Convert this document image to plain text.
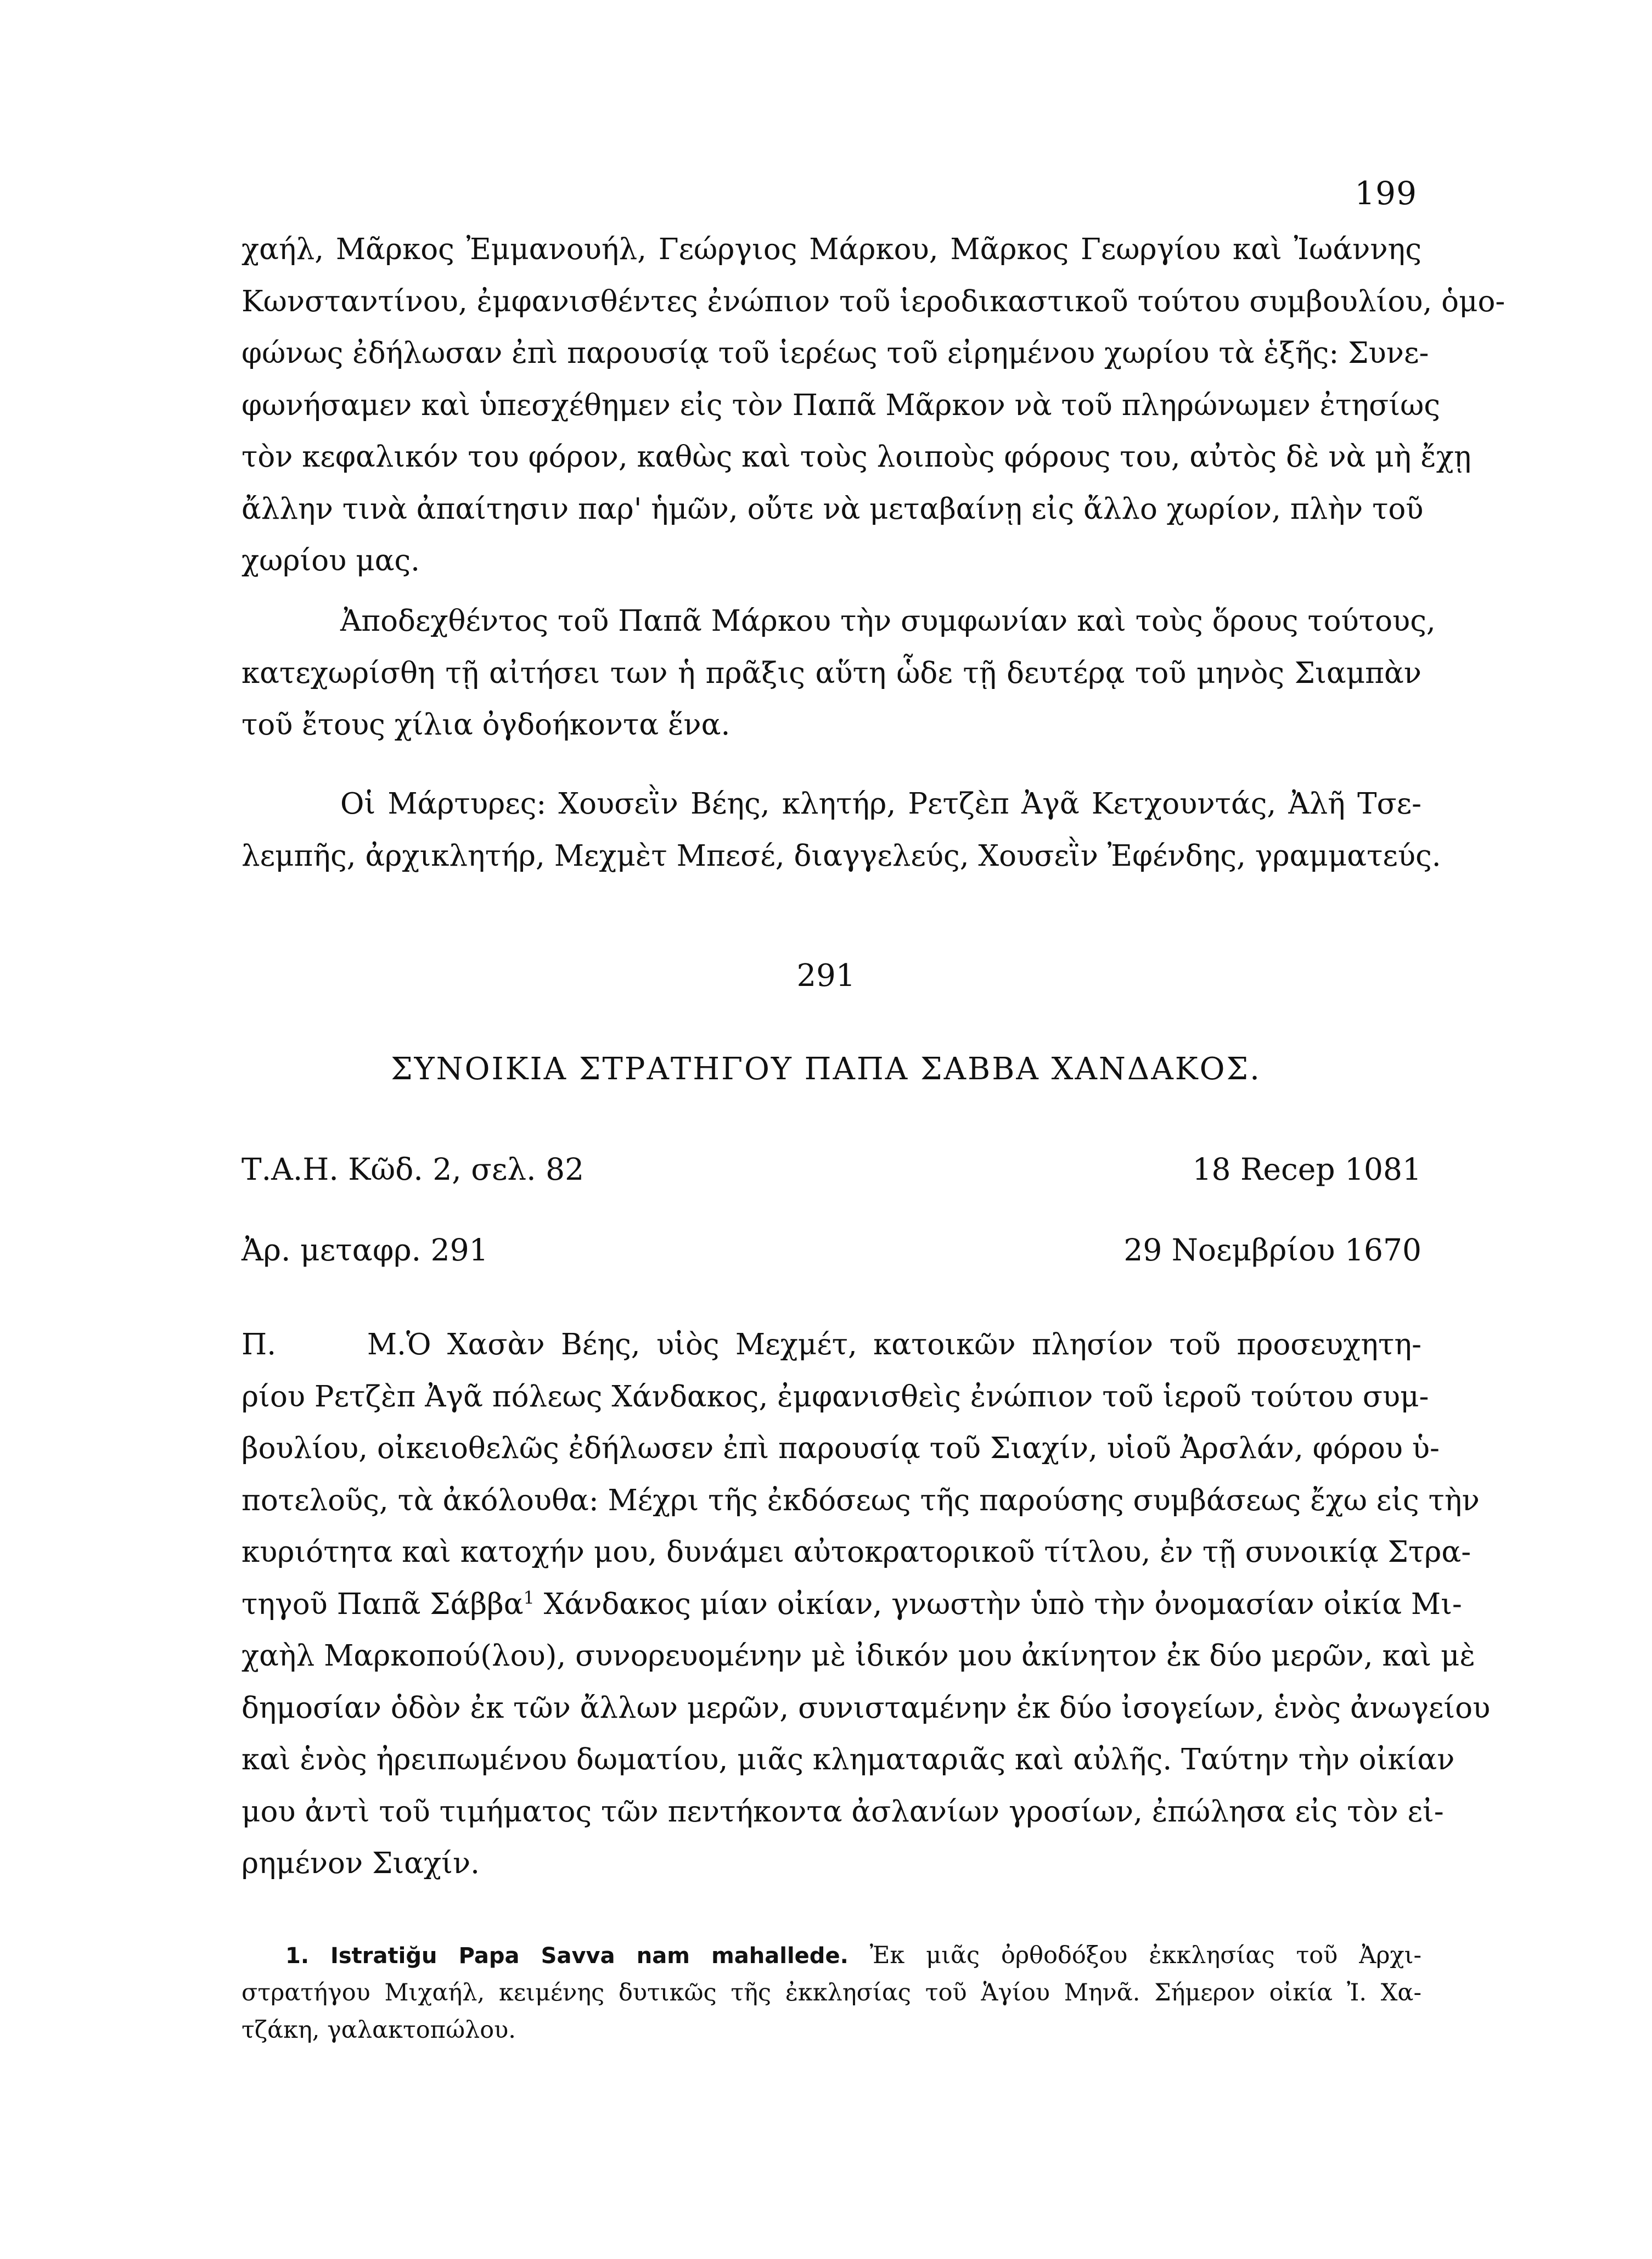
199
χαήλ, Μᾶρκος Ἐμμανουήλ, Γεώργιος Μάρκου, Μᾶρκος Γεωργίου καὶ Ἰωάννης
Κωνσταντίνου, ἐμφανισθέντες ἐνώπιον τοῦ ἱεροδικαστικοῦ τούτου συμβουλίου, ὁμο-
φώνως ἐδήλωσαν ἐπὶ παρουσίᾳ τοῦ ἱερέως τοῦ εἰρημένου χωρίου τὰ ἑξῆς: Συνε-
φωνήσαμεν καὶ ὑπεσχέθημεν εἰς τὸν Παπᾶ Μᾶρκον νὰ τοῦ πληρώνωμεν ἐτησίως
τὸν κεφαλικόν του φόρον, καθὼς καὶ τοὺς λοιποὺς φόρους του, αὐτὸς δὲ νὰ μὴ ἔχῃ
ἄλλην τινὰ ἀπαίτησιν παρ' ἡμῶν, οὔτε νὰ μεταβαίνῃ εἰς ἄλλο χωρίον, πλὴν τοῦ
χωρίου μας.
Ἀποδεχθέντος τοῦ Παπᾶ Μάρκου τὴν συμφωνίαν καὶ τοὺς ὅρους τούτους,
κατεχωρίσθη τῇ αἰτήσει των ἡ πρᾶξις αὕτη ὧδε τῇ δευτέρᾳ τοῦ μηνὸς Σιαμπὰν
τοῦ ἔτους χίλια ὀγδοήκοντα ἕνα.
Οἱ Μάρτυρες: Χουσεῒν Βέης, κλητήρ, Ρετζὲπ Ἀγᾶ Κετχουντάς, Ἀλῆ Τσε-
λεμπῆς, ἀρχικλητήρ, Μεχμὲτ Μπεσέ, διαγγελεύς, Χουσεῒν Ἐφένδης, γραμματεύς.
291
ΣΥΝΟΙΚΙΑ ΣΤΡΑΤΗΓΟΥ ΠΑΠΑ ΣΑΒΒΑ ΧΑΝΔΑΚΟΣ.
Τ.Α.Η. Κῶδ. 2, σελ. 82	18 Recep 1081
Ἀρ. μεταφρ. 291	29 Νοεμβρίου 1670
Π. Μ.Ὁ Χασὰν Βέης, υἱὸς Μεχμέτ, κατοικῶν πλησίον τοῦ προσευχητη-
ρίου Ρετζὲπ Ἀγᾶ πόλεως Χάνδακος, ἐμφανισθεὶς ἐνώπιον τοῦ ἱεροῦ τούτου συμ-
βουλίου, οἰκειοθελῶς ἐδήλωσεν ἐπὶ παρουσίᾳ τοῦ Σιαχίν, υἱοῦ Ἀρσλάν, φόρου ὑ-
ποτελοῦς, τὰ ἀκόλουθα: Μέχρι τῆς ἐκδόσεως τῆς παρούσης συμβάσεως ἔχω εἰς τὴν
κυριότητα καὶ κατοχήν μου, δυνάμει αὐτοκρατορικοῦ τίτλου, ἐν τῇ συνοικίᾳ Στρα-
τηγοῦ Παπᾶ Σάββα$^1$ Χάνδακος μίαν οἰκίαν, γνωστὴν ὑπὸ τὴν ὀνομασίαν οἰκία Μι-
χαὴλ Μαρκοπού(λου), συνορευομένην μὲ ἰδικόν μου ἀκίνητον ἐκ δύο μερῶν, καὶ μὲ
δημοσίαν ὁδὸν ἐκ τῶν ἄλλων μερῶν, συνισταμένην ἐκ δύο ἰσογείων, ἑνὸς ἀνωγείου
καὶ ἑνὸς ἠρειπωμένου δωματίου, μιᾶς κληματαριᾶς καὶ αὐλῆς. Ταύτην τὴν οἰκίαν
μου ἀντὶ τοῦ τιμήματος τῶν πεντήκοντα ἀσλανίων γροσίων, ἐπώλησα εἰς τὸν εἰ-
ρημένον Σιαχίν.
1. Istratiğu Papa Savva nam mahallede. Ἐκ μιᾶς ὀρθοδόξου ἐκκλησίας τοῦ Ἀρχι-
στρατήγου Μιχαήλ, κειμένης δυτικῶς τῆς ἐκκλησίας τοῦ Ἁγίου Μηνᾶ. Σήμερον οἰκία Ἰ. Χα-
τζάκη, γαλακτοπώλου.
